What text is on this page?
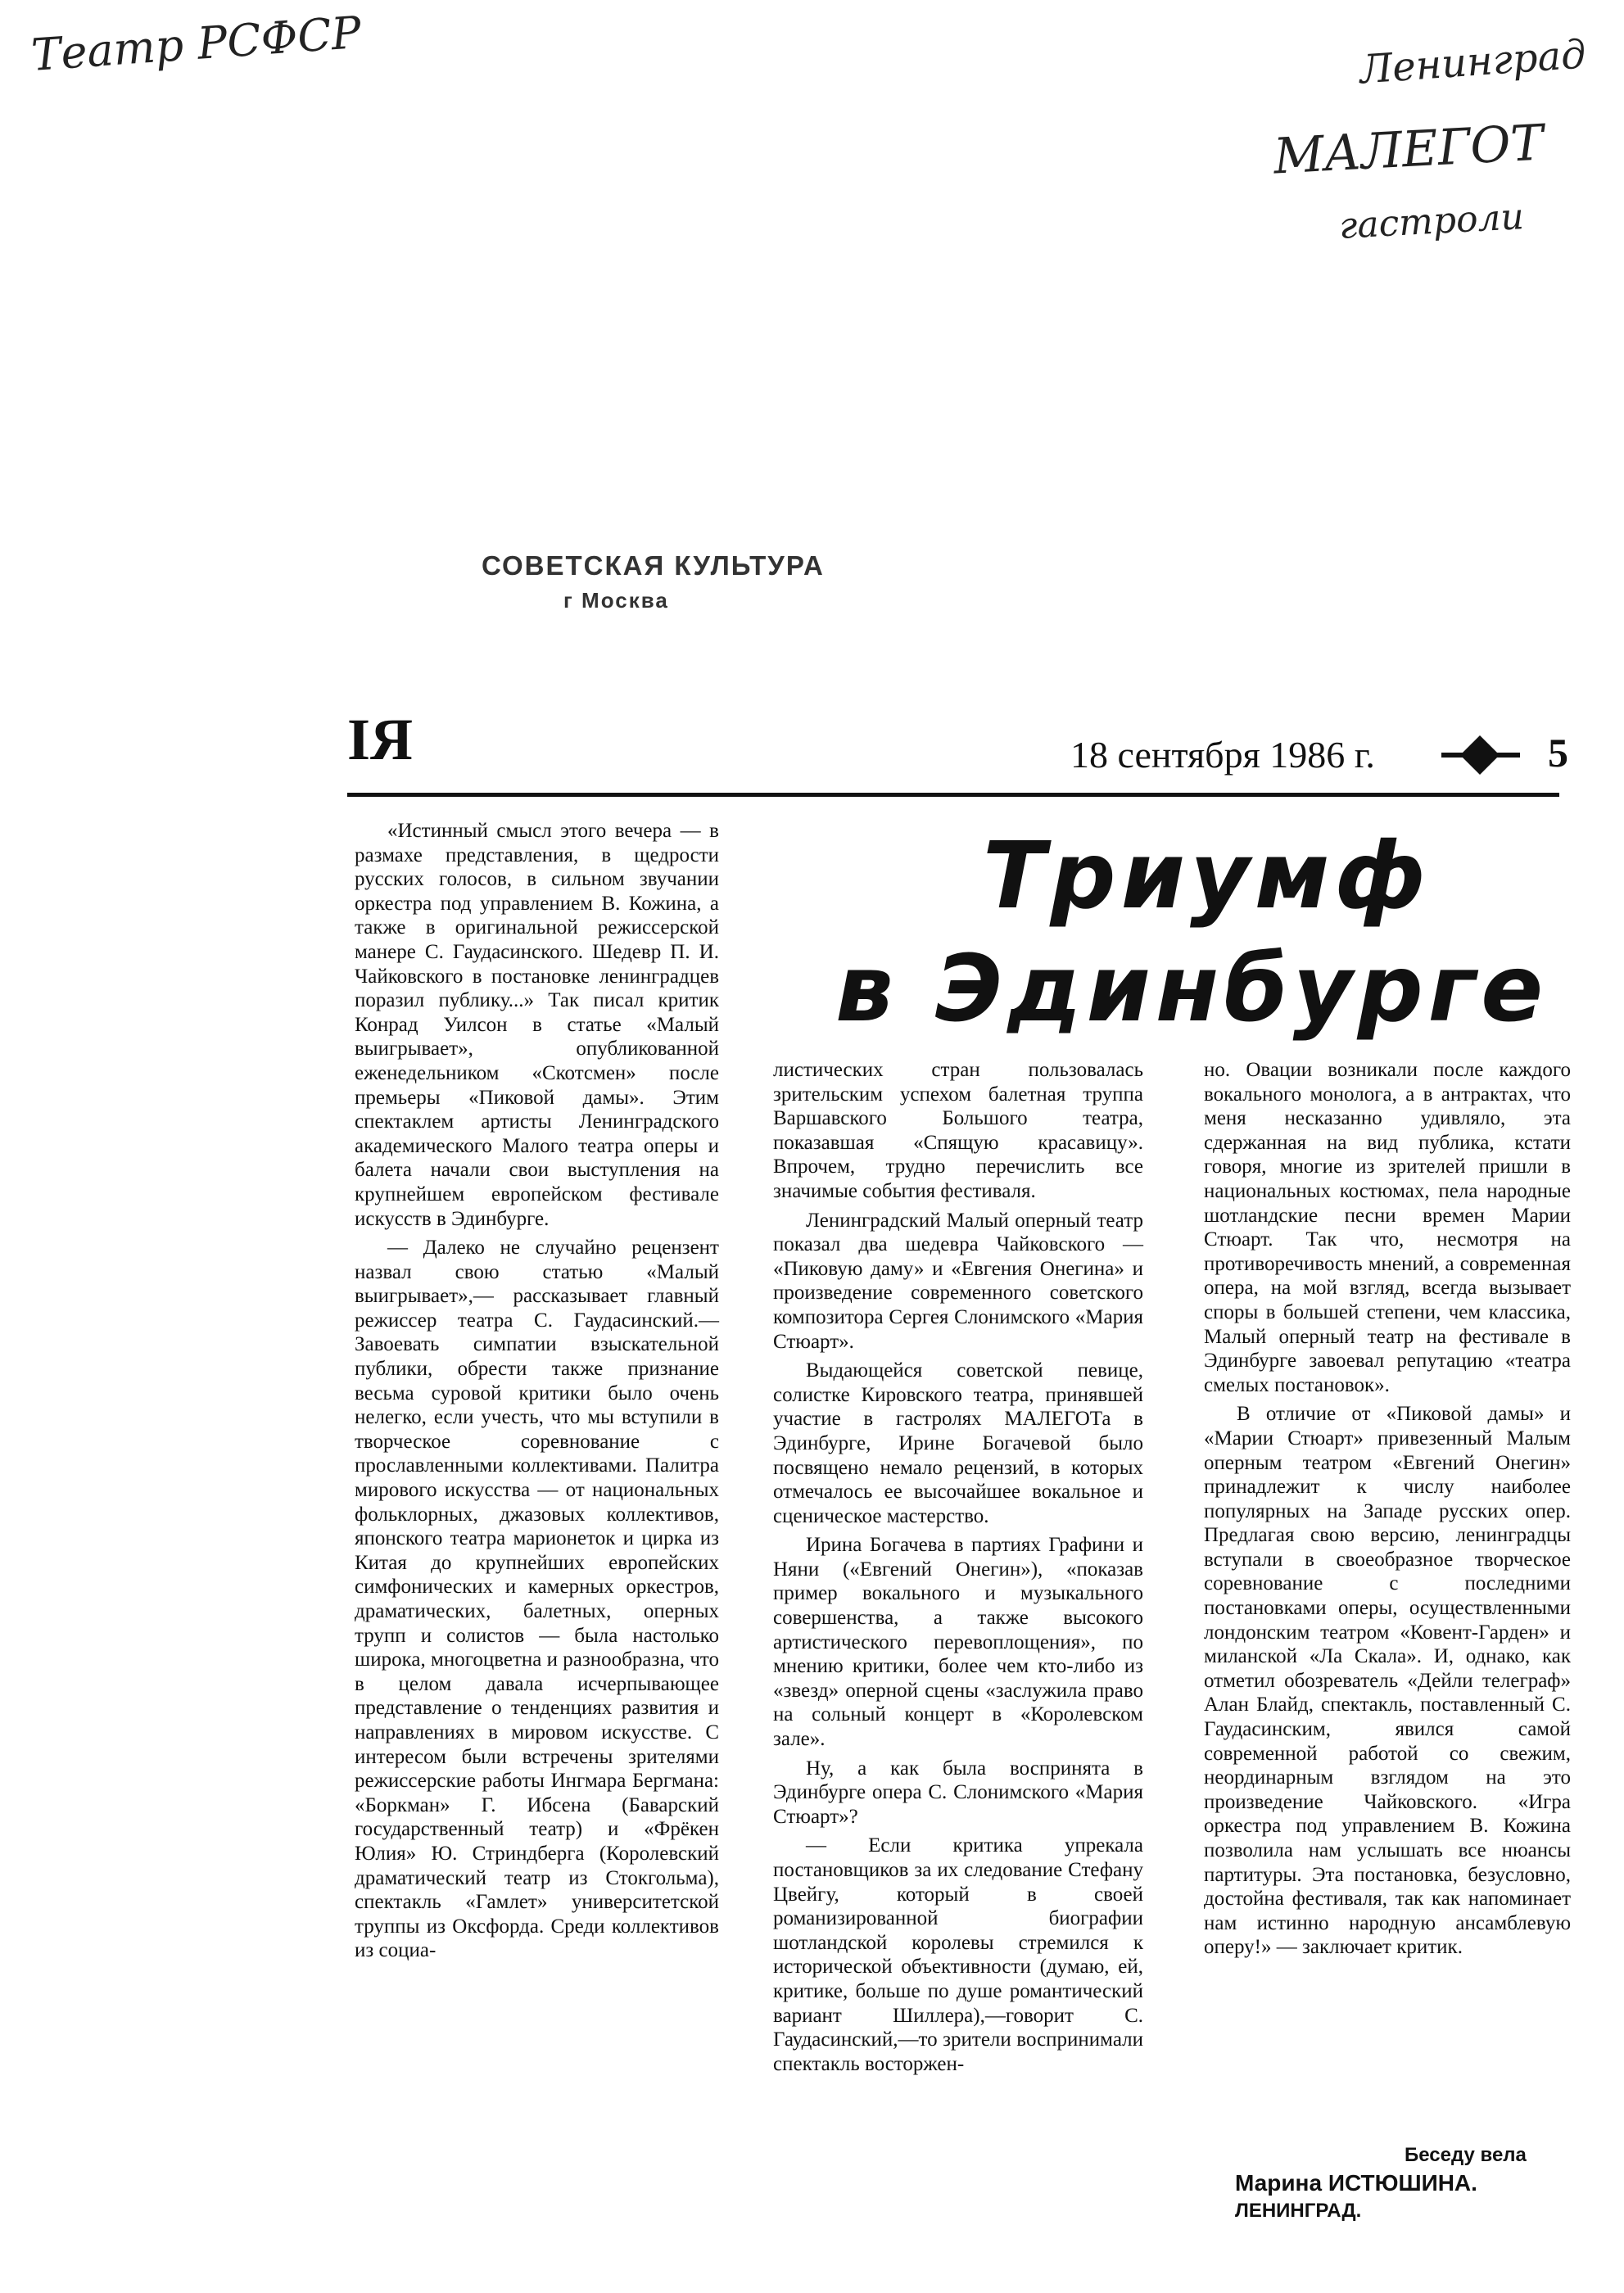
Театр РСФСР	Ленинград
МАЛЕГОТ
гастроли
СОВЕТСКАЯ КУЛЬТУРА
г Москва
ІЯ	18 сентября 1986 г.	5
Триумф
в Эдинбурге

«Истинный смысл этого вечера — в размахе представления, в щедрости русских голосов, в сильном звучании оркестра под управлением В. Кожина, а также в оригинальной режиссерской манере С. Гаудасинского. Шедевр П. И. Чайковского в постановке ленинградцев поразил публику...» Так писал критик Конрад Уилсон в статье «Малый выигрывает», опубликованной еженедельником «Скотсмен» после премьеры «Пиковой дамы». Этим спектаклем артисты Ленинградского академического Малого театра оперы и балета начали свои выступления на крупнейшем европейском фестивале искусств в Эдинбурге.

— Далеко не случайно рецензент назвал свою статью «Малый выигрывает»,— рассказывает главный режиссер театра С. Гаудасинский.— Завоевать симпатии взыскательной публики, обрести также признание весьма суровой критики было очень нелегко, если учесть, что мы вступили в творческое соревнование с прославленными коллективами. Палитра мирового искусства — от национальных фольклорных, джазовых коллективов, японского театра марионеток и цирка из Китая до крупнейших европейских симфонических и камерных оркестров, драматических, балетных, оперных трупп и солистов — была настолько широка, многоцветна и разнообразна, что в целом давала исчерпывающее представление о тенденциях развития и направлениях в мировом искусстве. С интересом были встречены зрителями режиссерские работы Ингмара Бергмана: «Боркман» Г. Ибсена (Баварский государственный театр) и «Фрёкен Юлия» Ю. Стриндберга (Королевский драматический театр из Стокгольма), спектакль «Гамлет» университетской труппы из Оксфорда. Среди коллективов из социа-

листических стран пользовалась зрительским успехом балетная труппа Варшавского Большого театра, показавшая «Спящую красавицу». Впрочем, трудно перечислить все значимые события фестиваля.

Ленинградский Малый оперный театр показал два шедевра Чайковского — «Пиковую даму» и «Евгения Онегина» и произведение современного советского композитора Сергея Слонимского «Мария Стюарт».

Выдающейся советской певице, солистке Кировского театра, принявшей участие в гастролях МАЛЕГОТа в Эдинбурге, Ирине Богачевой было посвящено немало рецензий, в которых отмечалось ее высочайшее вокальное и сценическое мастерство.

Ирина Богачева в партиях Графини и Няни («Евгений Онегин»), «показав пример вокального и музыкального совершенства, а также высокого артистического перевоплощения», по мнению критики, более чем кто-либо из «звезд» оперной сцены «заслужила право на сольный концерт в «Королевском зале».

Ну, а как была воспринята в Эдинбурге опера С. Слонимского «Мария Стюарт»?

— Если критика упрекала постановщиков за их следование Стефану Цвейгу, который в своей романизированной биографии шотландской королевы стремился к исторической объективности (думаю, ей, критике, больше по душе романтический вариант Шиллера),—говорит С. Гаудасинский,—то зрители воспринимали спектакль восторжен-

но. Овации возникали после каждого вокального монолога, а в антрактах, что меня несказанно удивляло, эта сдержанная на вид публика, кстати говоря, многие из зрителей пришли в национальных костюмах, пела народные шотландские песни времен Марии Стюарт. Так что, несмотря на противоречивость мнений, а современная опера, на мой взгляд, всегда вызывает споры в большей степени, чем классика, Малый оперный театр на фестивале в Эдинбурге завоевал репутацию «театра смелых постановок».

В отличие от «Пиковой дамы» и «Марии Стюарт» привезенный Малым оперным театром «Евгений Онегин» принадлежит к числу наиболее популярных на Западе русских опер. Предлагая свою версию, ленинградцы вступали в своеобразное творческое соревнование с последними постановками оперы, осуществленными лондонским театром «Ковент-Гарден» и миланской «Ла Скала». И, однако, как отметил обозреватель «Дейли телеграф» Алан Блайд, спектакль, поставленный С. Гаудасинским, явился самой современной работой со свежим, неординарным взглядом на это произведение Чайковского. «Игра оркестра под управлением В. Кожина позволила нам услышать все нюансы партитуры. Эта постановка, безусловно, достойна фестиваля, так как напоминает нам истинно народную ансамблевую оперу!» — заключает критик.

Беседу вела
Марина ИСТЮШИНА.
ЛЕНИНГРАД.
